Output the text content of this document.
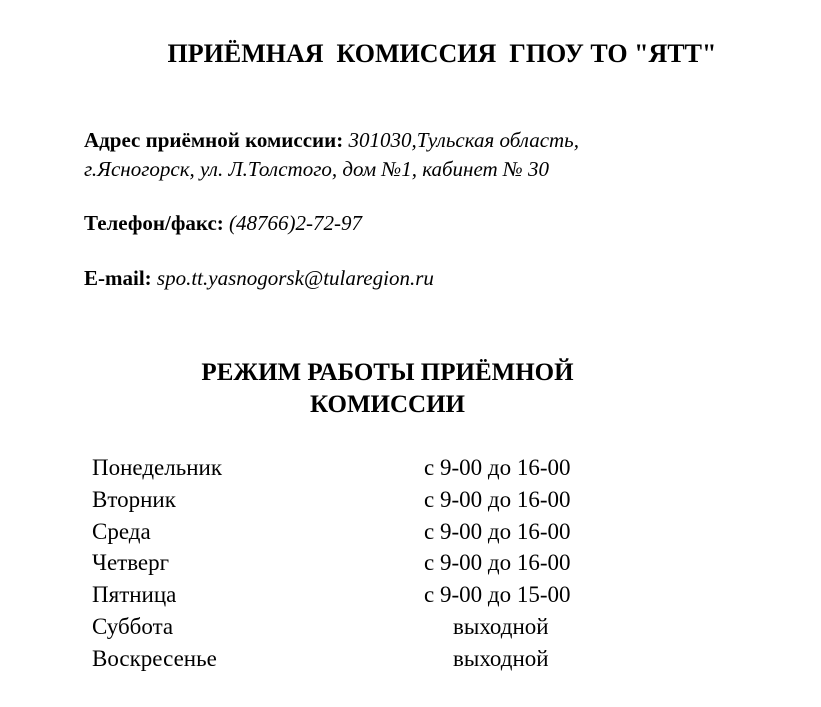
ПРИЁМНАЯ  КОМИССИЯ  ГПОУ ТО "ЯТТ"
Адрес приёмной комиссии: 301030,Тульская область,
г.Ясногорск, ул. Л.Толстого, дом №1, кабинет № 30
Телефон/факс: (48766)2-72-97
E-mail: spo.tt.yasnogorsk@tularegion.ru
РЕЖИМ РАБОТЫ ПРИЁМНОЙ
КОМИССИИ
Понедельник	с 9-00 до 16-00
Вторник	с 9-00 до 16-00
Среда	с 9-00 до 16-00
Четверг	с 9-00 до 16-00
Пятница	с 9-00 до 15-00
Суббота	выходной
Воскресенье	выходной
